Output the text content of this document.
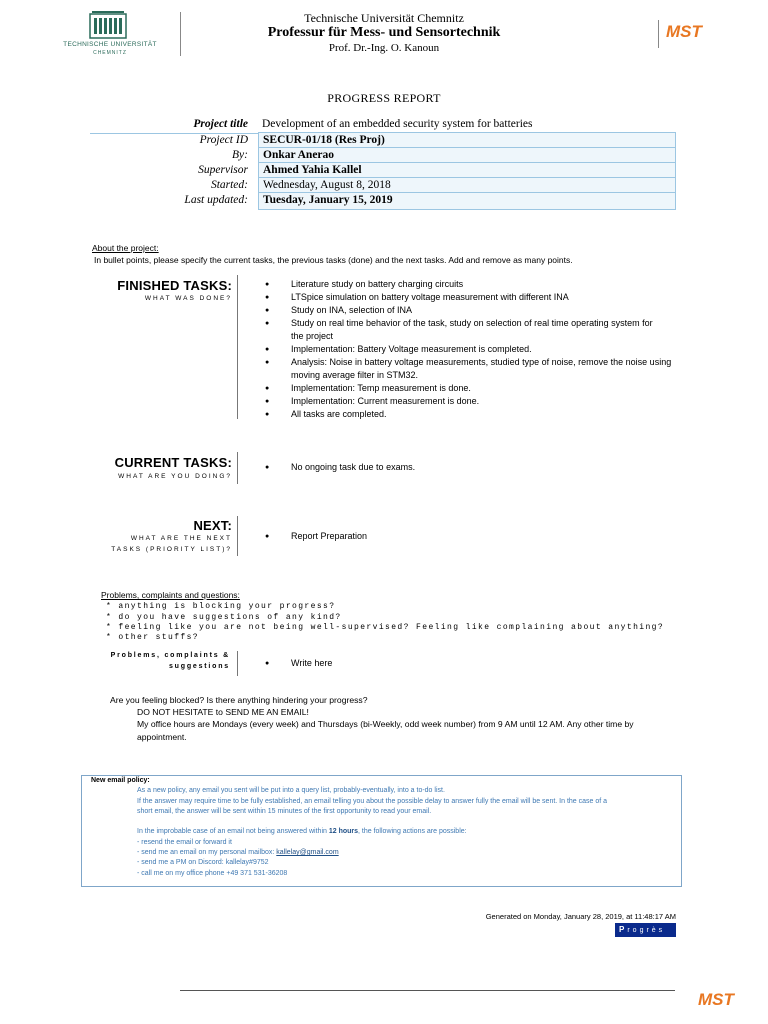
TECHNISCHE UNIVERSITÄT
CHEMNITZ
Technische Universität Chemnitz
Professur für Mess- und Sensortechnik
Prof. Dr.-Ing. O. Kanoun
MST
PROGRESS REPORT
Project title	Development of an embedded security system for batteries
Project ID	SECUR-01/18 (Res Proj)
By:	Onkar Anerao
Supervisor	Ahmed Yahia Kallel
Started:	Wednesday, August 8, 2018
Last updated:	Tuesday, January 15, 2019
About the project:
In bullet points, please specify the current tasks, the previous tasks (done) and the next tasks. Add and remove as many points.
FINISHED TASKS:
WHAT WAS DONE?
● Literature study on battery charging circuits
● LTSpice simulation on battery voltage measurement with different INA
● Study on INA, selection of INA
● Study on real time behavior of the task, study on selection of real time operating system for the project
● Implementation: Battery Voltage measurement is completed.
● Analysis: Noise in battery voltage measurements, studied type of noise, remove the noise using moving average filter in STM32.
● Implementation: Temp measurement is done.
● Implementation: Current measurement is done.
● All tasks are completed.
CURRENT TASKS:
WHAT ARE YOU DOING?
● No ongoing task due to exams.
NEXT:
WHAT ARE THE NEXT
TASKS (PRIORITY LIST)?
● Report Preparation
Problems, complaints and questions:
* anything is blocking your progress?
* do you have suggestions of any kind?
* feeling like you are not being well-supervised? Feeling like complaining about anything?
* other stuffs?
Problems, complaints &
suggestions
●	Write here
Are you feeling blocked? Is there anything hindering your progress?
DO NOT HESITATE to SEND ME AN EMAIL!
My office hours are Mondays (every week) and Thursdays (bi-Weekly, odd week number) from 9 AM until 12 AM. Any other time by
appointment.
New email policy:
As a new policy, any email you sent will be put into a query list, probably-eventually, into a to-do list.
If the answer may require time to be fully established, an email telling you about the possible delay to answer fully the email will be sent. In the case of a
short email, the answer will be sent within 15 minutes of the first opportunity to read your email.
In the improbable case of an email not being answered within 12 hours, the following actions are possible:
- resend the email or forward it
- send me an email on my personal mailbox: kallelay@gmail.com
- send me a PM on Discord: kallelay#9752
- call me on my office phone +49 371 531-36208
Generated on Monday, January 28, 2019, at 11:48:17 AM
Progrès
MST
